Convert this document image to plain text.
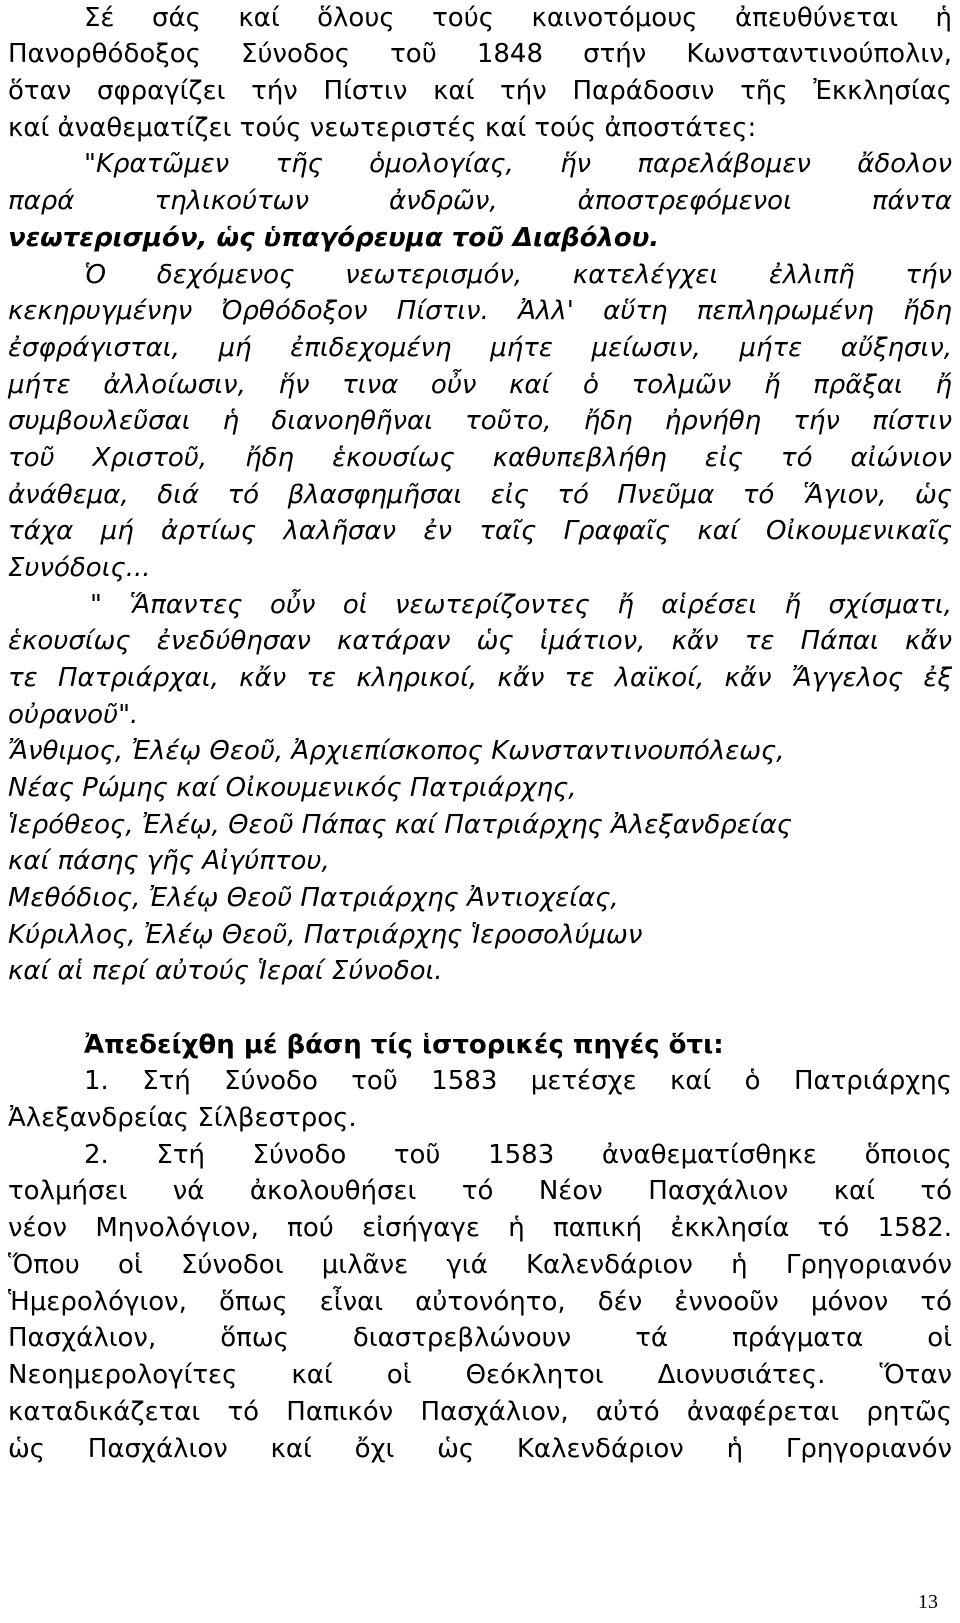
Σέ σάς καί ὅλους τούς καινοτόμους ἀπευθύνεται ἡ
Πανορθόδοξος Σύνοδος τοῦ 1848 στήν Κωνσταντινούπολιν,
ὅταν σφραγίζει τήν Πίστιν καί τήν Παράδοσιν τῆς Ἐκκλησίας
καί ἀναθεματίζει τούς νεωτεριστές καί τούς ἀποστάτες:
"Κρατῶμεν τῆς ὁμολογίας, ἥν παρελάβομεν ἄδολον
παρά τηλικούτων ἀνδρῶν, ἀποστρεφόμενοι πάντα
νεωτερισμόν, ὡς ὑπαγόρευμα τοῦ Διαβόλου.
Ὁ δεχόμενος νεωτερισμόν, κατελέγχει ἐλλιπῆ τήν
κεκηρυγμένην Ὀρθόδοξον Πίστιν. Ἀλλ' αὕτη πεπληρωμένη ἤδη
ἐσφράγισται, μή ἐπιδεχομένη μήτε μείωσιν, μήτε αὔξησιν,
μήτε ἀλλοίωσιν, ἥν τινα οὖν καί ὁ τολμῶν ἤ πρᾶξαι ἤ
συμβουλεῦσαι ἡ διανοηθῆναι τοῦτο, ἤδη ἠρνήθη τήν πίστιν
τοῦ Χριστοῦ, ἤδη ἑκουσίως καθυπεβλήθη εἰς τό αἰώνιον
ἀνάθεμα, διά τό βλασφημῆσαι εἰς τό Πνεῦμα τό Ἅγιον, ὡς
τάχα μή ἀρτίως λαλῆσαν ἐν ταῖς Γραφαῖς καί Οἰκουμενικαῖς
Συνόδοις...
" Ἅπαντες οὖν οἱ νεωτερίζοντες ἤ αἱρέσει ἤ σχίσματι,
ἑκουσίως ἐνεδύθησαν κατάραν ὡς ἱμάτιον, κἄν τε Πάπαι κἄν
τε Πατριάρχαι, κἄν τε κληρικοί, κἄν τε λαϊκοί, κἄν Ἄγγελος ἐξ
οὐρανοῦ".
Ἄνθιμος, Ἐλέῳ Θεοῦ, Ἀρχιεπίσκοπος Κωνσταντινουπόλεως,
Νέας Ρώμης καί Οἰκουμενικός Πατριάρχης,
Ἱερόθεος, Ἐλέῳ, Θεοῦ Πάπας καί Πατριάρχης Ἀλεξανδρείας
καί πάσης γῆς Αἰγύπτου,
Μεθόδιος, Ἐλέῳ Θεοῦ Πατριάρχης Ἀντιοχείας,
Κύριλλος, Ἐλέῳ Θεοῦ, Πατριάρχης Ἱεροσολύμων
καί αἱ περί αὐτούς Ἱεραί Σύνοδοι.
Ἀπεδείχθη μέ βάση τίς ἱστορικές πηγές ὅτι:
1. Στή Σύνοδο τοῦ 1583 μετέσχε καί ὁ Πατριάρχης
Ἀλεξανδρείας Σίλβεστρος.
2. Στή Σύνοδο τοῦ 1583 ἀναθεματίσθηκε ὅποιος
τολμήσει νά ἀκολουθήσει τό Νέον Πασχάλιον καί τό
νέον Μηνολόγιον, πού εἰσήγαγε ἡ παπική ἐκκλησία τό 1582.
Ὅπου οἱ Σύνοδοι μιλᾶνε γιά Καλενδάριον ἡ Γρηγοριανόν
Ἡμερολόγιον, ὅπως εἶναι αὐτονόητο, δέν ἐννοοῦν μόνον τό
Πασχάλιον, ὅπως διαστρεβλώνουν τά πράγματα οἱ
Νεοημερολογίτες καί οἱ Θεόκλητοι Διονυσιάτες. Ὅταν
καταδικάζεται τό Παπικόν Πασχάλιον, αὐτό ἀναφέρεται ρητῶς
ὡς Πασχάλιον καί ὄχι ὡς Καλενδάριον ἡ Γρηγοριανόν
13
